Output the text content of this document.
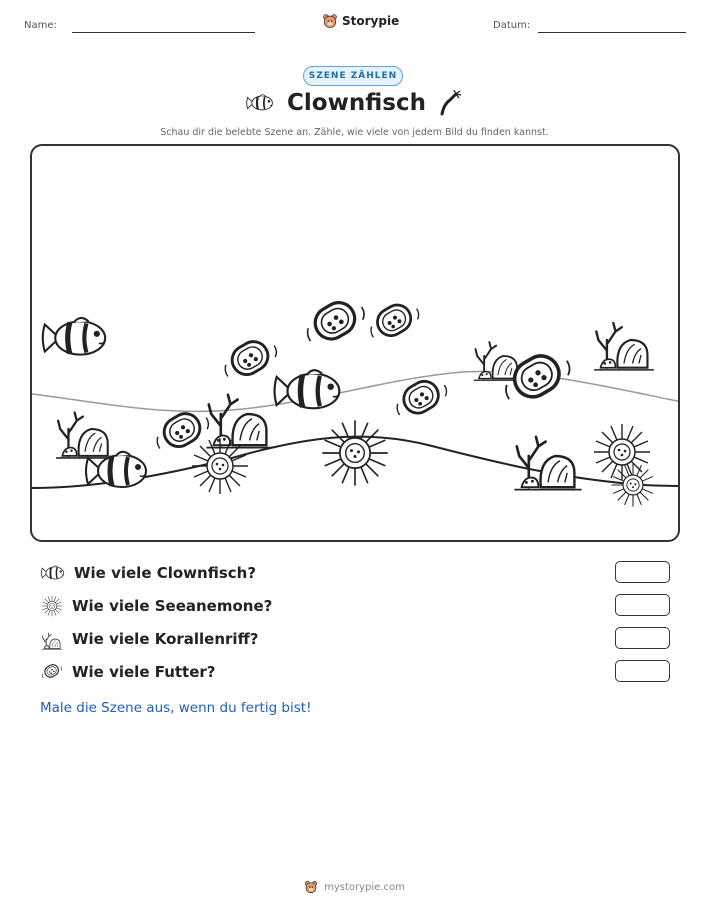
Name:	Storypie	Datum:
SZENE ZÄHLEN
Clownfisch
Schau dir die belebte Szene an. Zähle, wie viele von jedem Bild du finden kannst.
Wie viele Clownfisch?
Wie viele Seeanemone?
Wie viele Korallenriff?
Wie viele Futter?
Male die Szene aus, wenn du fertig bist!
mystorypie.com
